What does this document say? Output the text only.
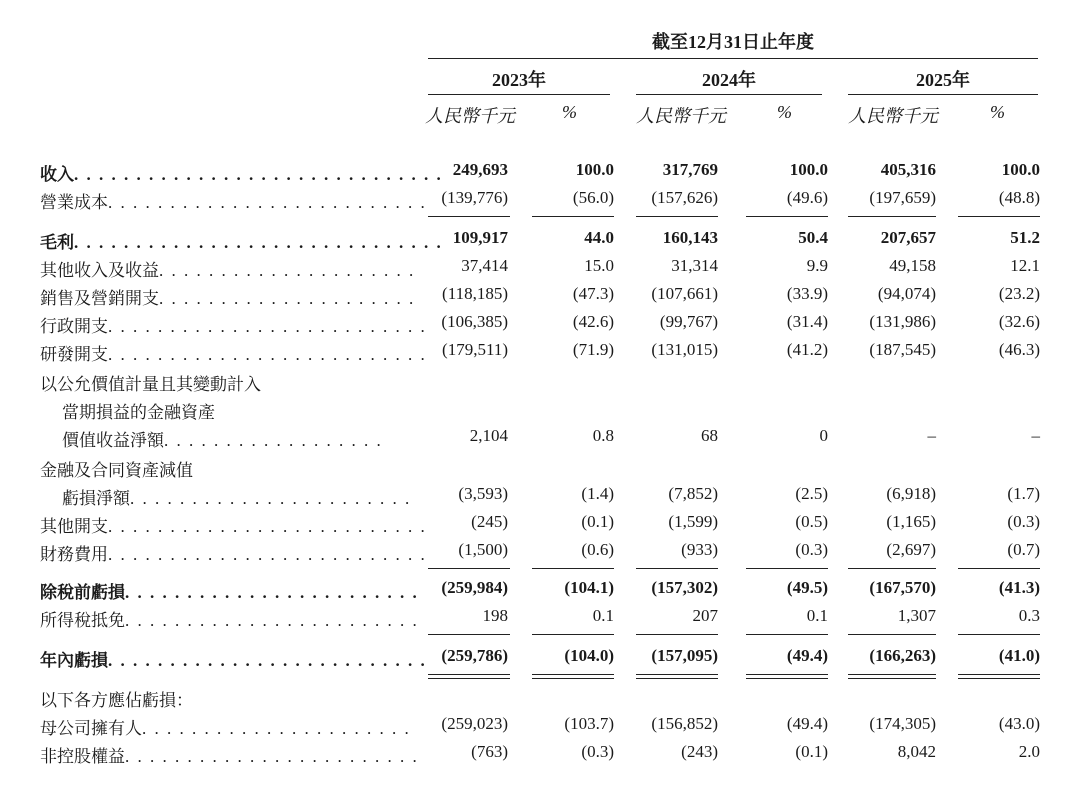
截至12月31日止年度
2023年	2024年	2025年
人民幣千元	%	人民幣千元	%	人民幣千元	%
收入. . . . . . . . . . . . . . . . . . . . . . . . . . . . . . 249,693	100.0	317,769	100.0	405,316	100.0
營業成本. . . . . . . . . . . . . . . . . . . . . . . . . . (139,776)	(56.0) (157,626)	(49.6) (197,659)	(48.8)
毛利. . . . . . . . . . . . . . . . . . . . . . . . . . . . . . 109,917	44.0	160,143	50.4	207,657	51.2
其他收入及收益. . . . . . . . . . . . . . . . . . . . .	37,414	15.0	31,314	9.9	49,158	12.1
銷售及營銷開支. . . . . . . . . . . . . . . . . . . . . (118,185)	(47.3) (107,661)	(33.9)	(94,074)	(23.2)
行政開支. . . . . . . . . . . . . . . . . . . . . . . . . . (106,385)	(42.6)	(99,767)	(31.4) (131,986)	(32.6)
研發開支. . . . . . . . . . . . . . . . . . . . . . . . . . (179,511)	(71.9) (131,015)	(41.2) (187,545)	(46.3)
以公允價值計量且其變動計入
當期損益的金融資產
價值收益淨額. . . . . . . . . . . . . . . . . .	2,104	0.8	68	0	–	–
金融及合同資產減值
虧損淨額. . . . . . . . . . . . . . . . . . . . . . .	(3,593)	(1.4)	(7,852)	(2.5)	(6,918)	(1.7)
其他開支. . . . . . . . . . . . . . . . . . . . . . . . . .	(245)	(0.1)	(1,599)	(0.5)	(1,165)	(0.3)
財務費用. . . . . . . . . . . . . . . . . . . . . . . . . . (1,500)	(0.6)	(933)	(0.3)	(2,697)	(0.7)
除稅前虧損. . . . . . . . . . . . . . . . . . . . . . . . (259,984)	(104.1) (157,302)	(49.5) (167,570)	(41.3)
所得稅抵免. . . . . . . . . . . . . . . . . . . . . . . .	198	0.1	207	0.1	1,307	0.3
年內虧損. . . . . . . . . . . . . . . . . . . . . . . . . . (259,786)	(104.0) (157,095)	(49.4) (166,263)	(41.0)
以下各方應佔虧損：
母公司擁有人. . . . . . . . . . . . . . . . . . . . . . (259,023)	(103.7) (156,852)	(49.4) (174,305)	(43.0)
非控股權益. . . . . . . . . . . . . . . . . . . . . . . .	(763)	(0.3)	(243)	(0.1)	8,042	2.0
